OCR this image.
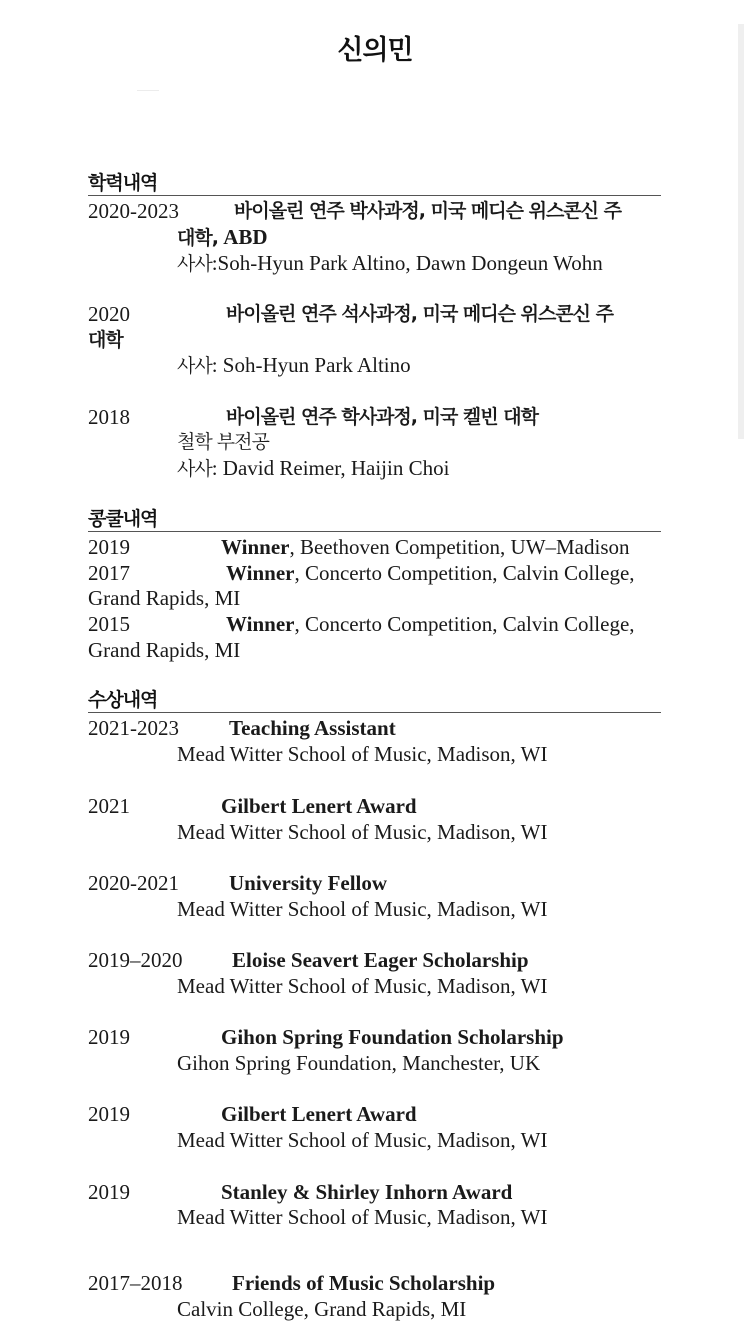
신의민
학력내역
2020-2023	바이올린 연주 박사과정, 미국 메디슨 위스콘신 주
대학, ABD
사사:Soh-Hyun Park Altino, Dawn Dongeun Wohn
2020	바이올린 연주 석사과정, 미국 메디슨 위스콘신 주
대학
사사: Soh-Hyun Park Altino
2018	바이올린 연주 학사과정, 미국 켈빈 대학
철학 부전공
사사: David Reimer, Haijin Choi
콩쿨내역
2019	Winner, Beethoven Competition, UW–Madison
2017	Winner, Concerto Competition, Calvin College,
Grand Rapids, MI
2015	Winner, Concerto Competition, Calvin College,
Grand Rapids, MI
수상내역
2021-2023 Teaching Assistant
Mead Witter School of Music, Madison, WI
2021	Gilbert Lenert Award
Mead Witter School of Music, Madison, WI
2020-2021 University Fellow
Mead Witter School of Music, Madison, WI
2019–2020 Eloise Seavert Eager Scholarship
Mead Witter School of Music, Madison, WI
2019	Gihon Spring Foundation Scholarship
Gihon Spring Foundation, Manchester, UK
2019	Gilbert Lenert Award
Mead Witter School of Music, Madison, WI
2019	Stanley & Shirley Inhorn Award
Mead Witter School of Music, Madison, WI
2017–2018 Friends of Music Scholarship
Calvin College, Grand Rapids, MI
